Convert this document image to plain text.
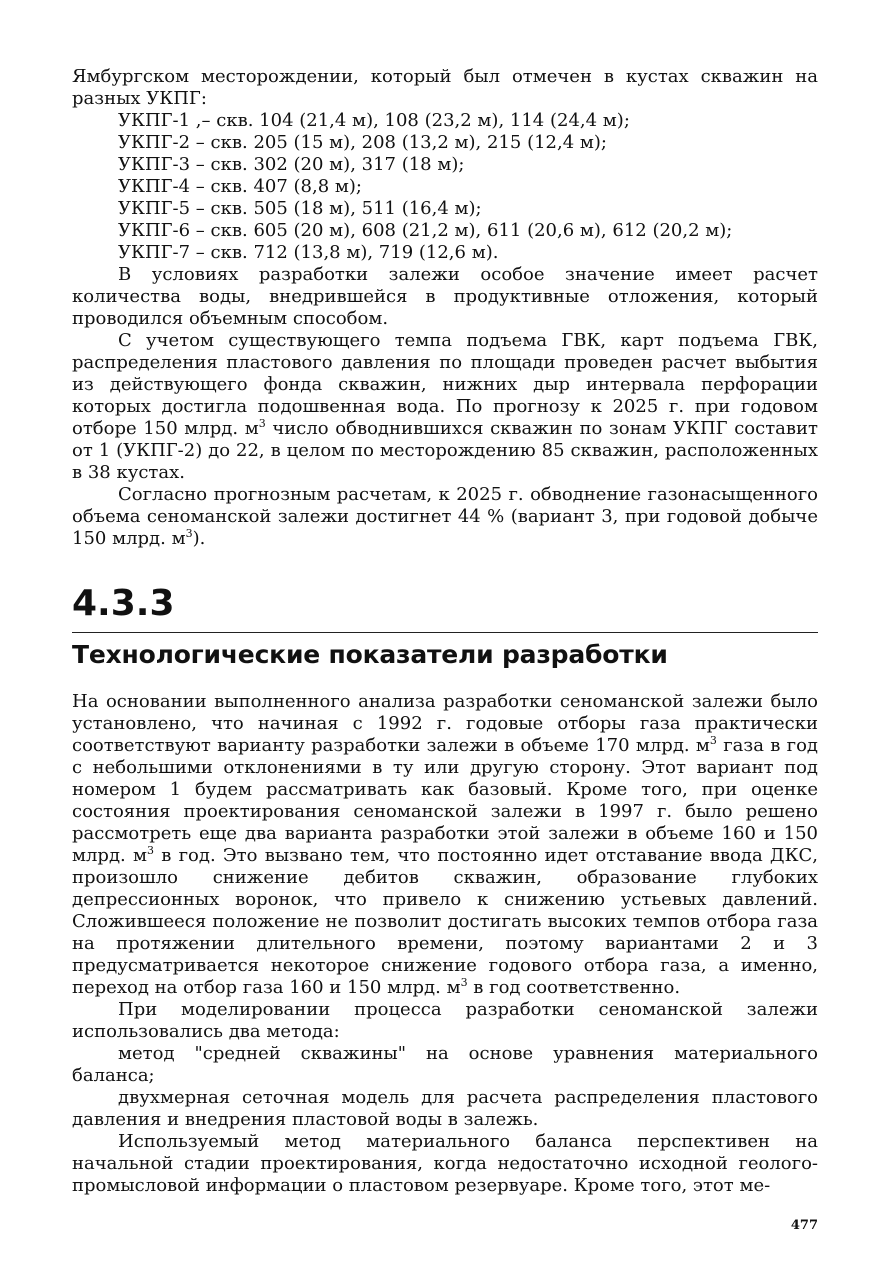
Ямбургском месторождении, который был отмечен в кустах скважин на разных УКПГ:

УКПГ-1 ,– скв. 104 (21,4 м), 108 (23,2 м), 114 (24,4 м);
УКПГ-2 – скв. 205 (15 м), 208 (13,2 м), 215 (12,4 м);
УКПГ-3 – скв. 302 (20 м), 317 (18 м);
УКПГ-4 – скв. 407 (8,8 м);
УКПГ-5 – скв. 505 (18 м), 511 (16,4 м);
УКПГ-6 – скв. 605 (20 м), 608 (21,2 м), 611 (20,6 м), 612 (20,2 м);
УКПГ-7 – скв. 712 (13,8 м), 719 (12,6 м).

В условиях разработки залежи особое значение имеет расчет количества воды, внедрившейся в продуктивные отложения, который проводился объемным способом.

С учетом существующего темпа подъема ГВК, карт подъема ГВК, распределения пластового давления по площади проведен расчет выбытия из действующего фонда скважин, нижних дыр интервала перфорации которых достигла подошвенная вода. По прогнозу к 2025 г. при годовом отборе 150 млрд. $м^3$ число обводнившихся скважин по зонам УКПГ составит от 1 (УКПГ-2) до 22, в целом по месторождению 85 скважин, расположенных в 38 кустах.

Согласно прогнозным расчетам, к 2025 г. обводнение газонасыщенного объема сеноманской залежи достигнет 44 % (вариант 3, при годовой добыче 150 млрд. $м^3$).

4.3.3
Технологические показатели разработки

На основании выполненного анализа разработки сеноманской залежи было установлено, что начиная с 1992 г. годовые отборы газа практически соответствуют варианту разработки залежи в объеме 170 млрд. $м^3$ газа в год с небольшими отклонениями в ту или другую сторону. Этот вариант под номером 1 будем рассматривать как базовый. Кроме того, при оценке состояния проектирования сеноманской залежи в 1997 г. было решено рассмотреть еще два варианта разработки этой залежи в объеме 160 и 150 млрд. $м^3$ в год. Это вызвано тем, что постоянно идет отставание ввода ДКС, произошло снижение дебитов скважин, образование глубоких депрессионных воронок, что привело к снижению устьевых давлений. Сложившееся положение не позволит достигать высоких темпов отбора газа на протяжении длительного времени, поэтому вариантами 2 и 3 предусматривается некоторое снижение годового отбора газа, а именно, переход на отбор газа 160 и 150 млрд. $м^3$ в год соответственно.

При моделировании процесса разработки сеноманской залежи использовались два метода:

метод "средней скважины" на основе уравнения материального баланса;

двухмерная сеточная модель для расчета распределения пластового давления и внедрения пластовой воды в залежь.

Используемый метод материального баланса перспективен на начальной стадии проектирования, когда недостаточно исходной геолого-промысловой информации о пластовом резервуаре. Кроме того, этот ме-

477
